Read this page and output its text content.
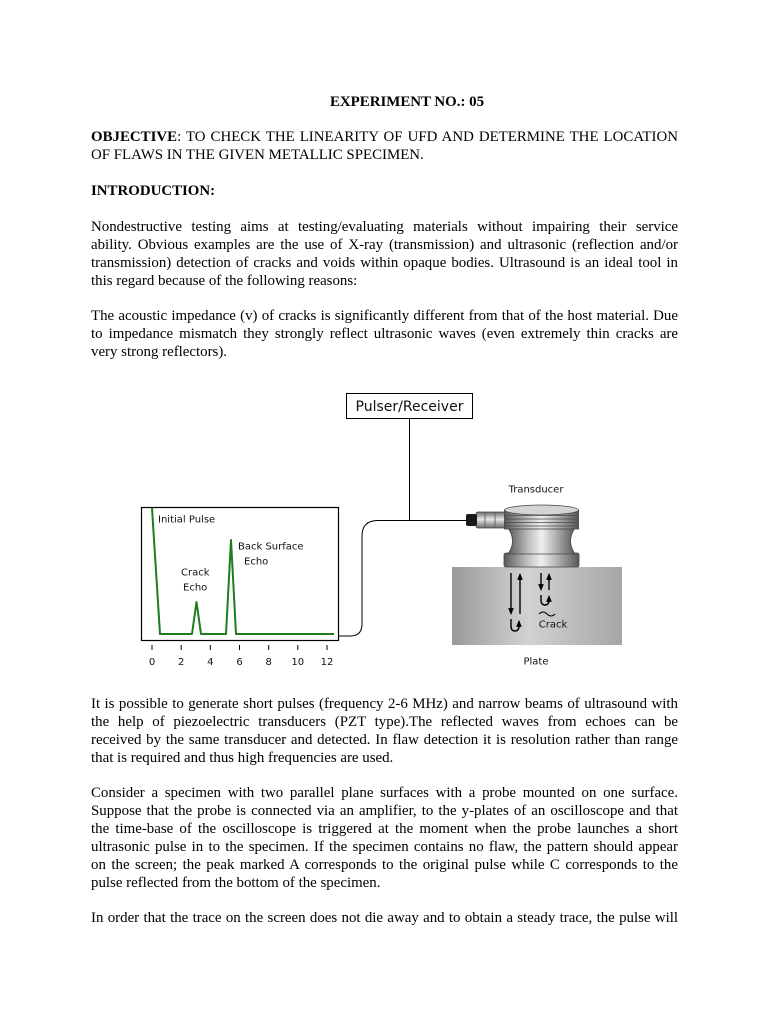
EXPERIMENT NO.: 05
OBJECTIVE: TO CHECK THE LINEARITY OF UFD AND DETERMINE THE LOCATION
OF FLAWS IN THE GIVEN METALLIC SPECIMEN.
INTRODUCTION:
Nondestructive testing aims at testing/evaluating materials without impairing their service
ability. Obvious examples are the use of X-ray (transmission) and ultrasonic (reflection and/or
transmission) detection of cracks and voids within opaque bodies. Ultrasound is an ideal tool in
this regard because of the following reasons:
The acoustic impedance (v) of cracks is significantly different from that of the host material. Due
to impedance mismatch they strongly reflect ultrasonic waves (even extremely thin cracks are
very strong reflectors).
Pulser/Receiver
Initial Pulse
Back Surface
Echo
Crack
Echo
0 2 4 6 8 10 12	Plate
Transducer
Crack
It is possible to generate short pulses (frequency 2-6 MHz) and narrow beams of ultrasound with
the help of piezoelectric transducers (PZT type).The reflected waves from echoes can be
received by the same transducer and detected. In flaw detection it is resolution rather than range
that is required and thus high frequencies are used.
Consider a specimen with two parallel plane surfaces with a probe mounted on one surface.
Suppose that the probe is connected via an amplifier, to the y-plates of an oscilloscope and that
the time-base of the oscilloscope is triggered at the moment when the probe launches a short
ultrasonic pulse in to the specimen. If the specimen contains no flaw, the pattern should appear
on the screen; the peak marked A corresponds to the original pulse while C corresponds to the
pulse reflected from the bottom of the specimen.
In order that the trace on the screen does not die away and to obtain a steady trace, the pulse will
